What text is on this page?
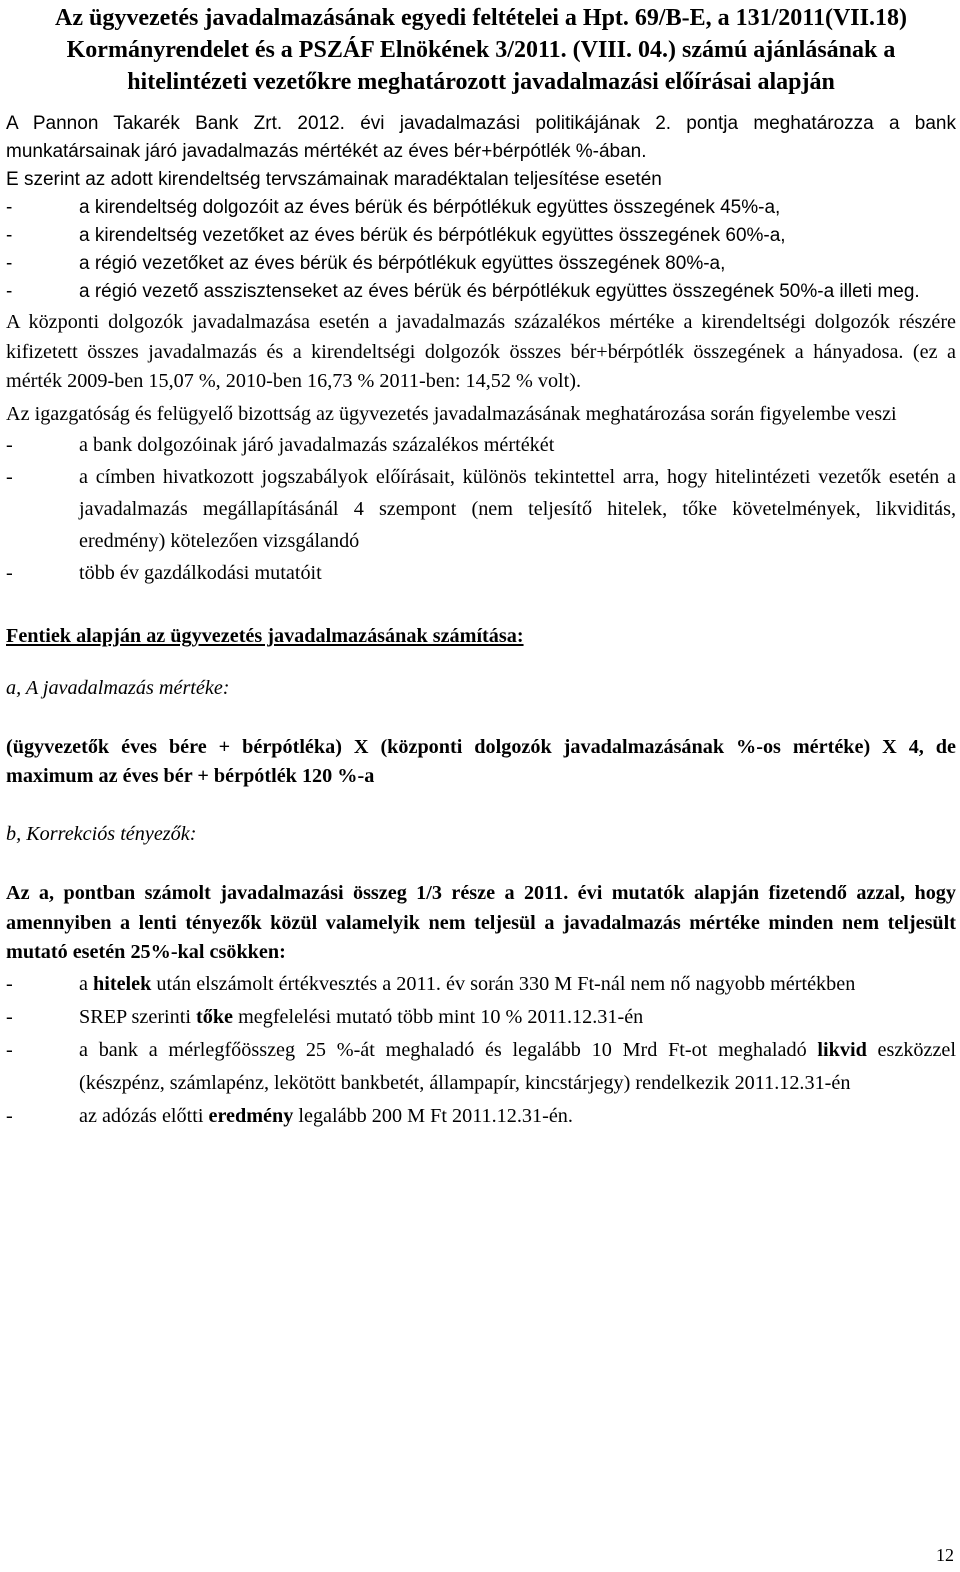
Az ügyvezetés javadalmazásának egyedi feltételei a Hpt. 69/B-E, a 131/2011(VII.18) Kormányrendelet és a PSZÁF Elnökének 3/2011. (VIII. 04.) számú ajánlásának a hitelintézeti vezetőkre meghatározott javadalmazási előírásai alapján

A Pannon Takarék Bank Zrt. 2012. évi javadalmazási politikájának 2. pontja meghatározza a bank munkatársainak járó javadalmazás mértékét az éves bér+bérpótlék %-ában.

E szerint az adott kirendeltség tervszámainak maradéktalan teljesítése esetén

-	a kirendeltség dolgozóit az éves bérük és bérpótlékuk együttes összegének 45%-a,
-	a kirendeltség vezetőket az éves bérük és bérpótlékuk együttes összegének 60%-a,
-	a régió vezetőket az éves bérük és bérpótlékuk együttes összegének 80%-a,
-	a régió vezető asszisztenseket az éves bérük és bérpótlékuk együttes összegének 50%-a illeti meg.

A központi dolgozók javadalmazása esetén a javadalmazás százalékos mértéke a kirendeltségi dolgozók részére kifizetett összes javadalmazás és a kirendeltségi dolgozók összes bér+bérpótlék összegének a hányadosa. (ez a mérték 2009-ben 15,07 %, 2010-ben 16,73 % 2011-ben: 14,52 % volt).

Az igazgatóság és felügyelő bizottság az ügyvezetés javadalmazásának meghatározása során figyelembe veszi

-	a bank dolgozóinak járó javadalmazás százalékos mértékét
-	a címben hivatkozott jogszabályok előírásait, különös tekintettel arra, hogy hitelintézeti vezetők esetén a javadalmazás megállapításánál 4 szempont (nem teljesítő hitelek, tőke követelmények, likviditás, eredmény) kötelezően vizsgálandó
-	több év gazdálkodási mutatóit

Fentiek alapján az ügyvezetés javadalmazásának számítása:

a, A javadalmazás mértéke:

(ügyvezetők éves bére + bérpótléka) X (központi dolgozók javadalmazásának %-os mértéke) X 4, de maximum az éves bér + bérpótlék 120 %-a

b, Korrekciós tényezők:

Az a, pontban számolt javadalmazási összeg 1/3 része a 2011. évi mutatók alapján fizetendő azzal, hogy amennyiben a lenti tényezők közül valamelyik nem teljesül a javadalmazás mértéke minden nem teljesült mutató esetén 25%-kal csökken:

-	a hitelek után elszámolt értékvesztés a 2011. év során 330 M Ft-nál nem nő nagyobb mértékben
-	SREP szerinti tőke megfelelési mutató több mint 10 % 2011.12.31-én
-	a bank a mérlegfőösszeg 25 %-át meghaladó és legalább 10 Mrd Ft-ot meghaladó likvid eszközzel (készpénz, számlapénz, lekötött bankbetét, állampapír, kincstárjegy) rendelkezik 2011.12.31-én
-	az adózás előtti eredmény legalább 200 M Ft 2011.12.31-én.
12
